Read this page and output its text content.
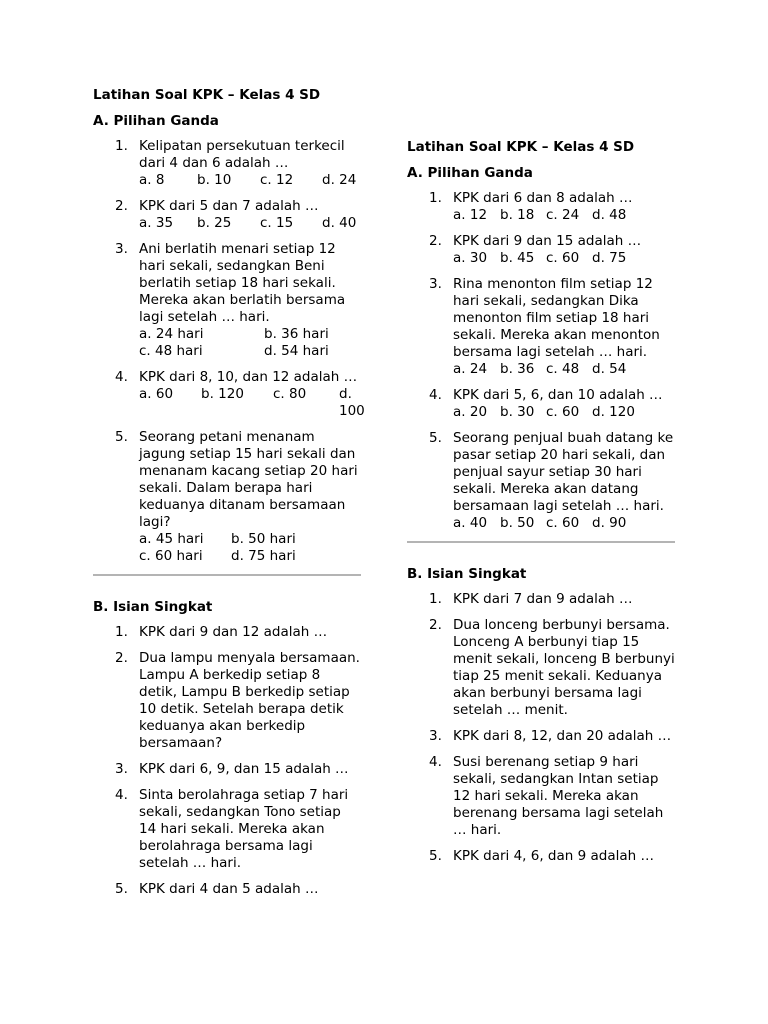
Latihan Soal KPK – Kelas 4 SD
A. Pilihan Ganda
1. Kelipatan persekutuan terkecil dari 4 dan 6 adalah …
a. 8	b. 10	c. 12	d. 24
2. KPK dari 5 dan 7 adalah …
a. 35	b. 25	c. 15	d. 40
3. Ani berlatih menari setiap 12 hari sekali, sedangkan Beni berlatih setiap 18 hari sekali. Mereka akan berlatih bersama lagi setelah … hari.
a. 24 hari	b. 36 hari
c. 48 hari	d. 54 hari
4. KPK dari 8, 10, dan 12 adalah …
a. 60	b. 120	c. 80	d. 100
5. Seorang petani menanam jagung setiap 15 hari sekali dan menanam kacang setiap 20 hari sekali. Dalam berapa hari keduanya ditanam bersamaan lagi?
a. 45 hari	b. 50 hari
c. 60 hari	d. 75 hari
B. Isian Singkat
1. KPK dari 9 dan 12 adalah …
2. Dua lampu menyala bersamaan. Lampu A berkedip setiap 8 detik, Lampu B berkedip setiap 10 detik. Setelah berapa detik keduanya akan berkedip bersamaan?
3. KPK dari 6, 9, dan 15 adalah …
4. Sinta berolahraga setiap 7 hari sekali, sedangkan Tono setiap 14 hari sekali. Mereka akan berolahraga bersama lagi setelah … hari.
5. KPK dari 4 dan 5 adalah …
Latihan Soal KPK – Kelas 4 SD
A. Pilihan Ganda
1. KPK dari 6 dan 8 adalah …
a. 12 b. 18 c. 24 d. 48
2. KPK dari 9 dan 15 adalah …
a. 30 b. 45 c. 60 d. 75
3. Rina menonton film setiap 12 hari sekali, sedangkan Dika menonton film setiap 18 hari sekali. Mereka akan menonton bersama lagi setelah … hari.
a. 24 b. 36 c. 48 d. 54
4. KPK dari 5, 6, dan 10 adalah …
a. 20 b. 30 c. 60 d. 120
5. Seorang penjual buah datang ke pasar setiap 20 hari sekali, dan penjual sayur setiap 30 hari sekali. Mereka akan datang bersamaan lagi setelah … hari.
a. 40 b. 50 c. 60 d. 90
B. Isian Singkat
1. KPK dari 7 dan 9 adalah …
2. Dua lonceng berbunyi bersama. Lonceng A berbunyi tiap 15 menit sekali, lonceng B berbunyi tiap 25 menit sekali. Keduanya akan berbunyi bersama lagi setelah … menit.
3. KPK dari 8, 12, dan 20 adalah …
4. Susi berenang setiap 9 hari sekali, sedangkan Intan setiap 12 hari sekali. Mereka akan berenang bersama lagi setelah … hari.
5. KPK dari 4, 6, dan 9 adalah …
